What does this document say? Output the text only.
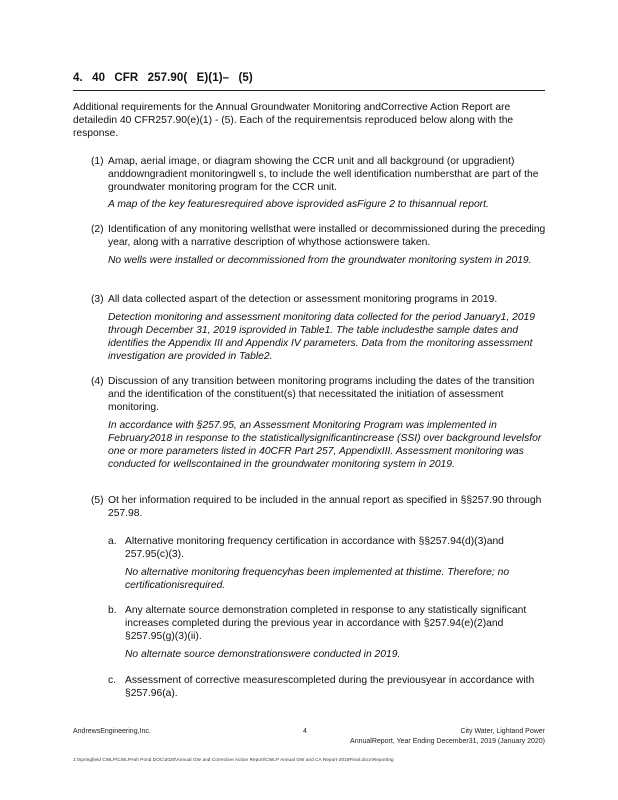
4. 40 CFR 257.90( E)(1)– (5)
Additional requirements for the Annual Groundwater Monitoring andCorrective Action Report are detailedin 40 CFR257.90(e)(1) - (5). Each of the requirementsis reproduced below along with the response.
(1) Amap, aerial image, or diagram showing the CCR unit and all background (or upgradient) anddowngradient monitoringwell s, to include the well identification numbersthat are part of the groundwater monitoring program for the CCR unit.
A map of the key featuresrequired above isprovided asFigure 2 to thisannual report.
(2) Identification of any monitoring wellsthat were installed or decommissioned during the preceding year, along with a narrative description of whythose actionswere taken.
No wells were installed or decommissioned from the groundwater monitoring system in 2019.
(3) All data collected aspart of the detection or assessment monitoring programs in 2019.
Detection monitoring and assessment monitoring data collected for the period January1, 2019 through December 31, 2019 isprovided in Table1. The table includesthe sample dates and identifies the Appendix III and Appendix IV parameters. Data from the monitoring assessment investigation are provided in Table2.
(4) Discussion of any transition between monitoring programs including the dates of the transition and the identification of the constituent(s) that necessitated the initiation of assessment monitoring.
In accordance with §257.95, an Assessment Monitoring Program was implemented in February2018 in response to the statisticallysignificantincrease (SSI) over background levelsfor one or more parameters listed in 40CFR Part 257, AppendixIII. Assessment monitoring was conducted for wellscontained in the groundwater monitoring system in 2019.
(5) Ot her information required to be included in the annual report as specified in §§257.90 through 257.98.
a. Alternative monitoring frequency certification in accordance with §§257.94(d)(3)and 257.95(c)(3).
No alternative monitoring frequencyhas been implemented at thistime. Therefore; no certificationisrequired.
b. Any alternate source demonstration completed in response to any statistically significant increases completed during the previous year in accordance with §257.94(e)(2)and §257.95(g)(3)(ii).
No alternate source demonstrationswere conducted in 2019.
c. Assessment of corrective measurescompleted during the previousyear in accordance with §257.96(a).
AndrewsEngineering,Inc.	4	City Water, Lightand Power
AnnualReport, Year Ending December31, 2019 (January 2020)
J:\Springfield CWLP\CWLPAsh Pond DOC\2020\Annual GW and Corrective Action Report\CWLP Annual GW and CA Report-2019Final.docx\Reporting
